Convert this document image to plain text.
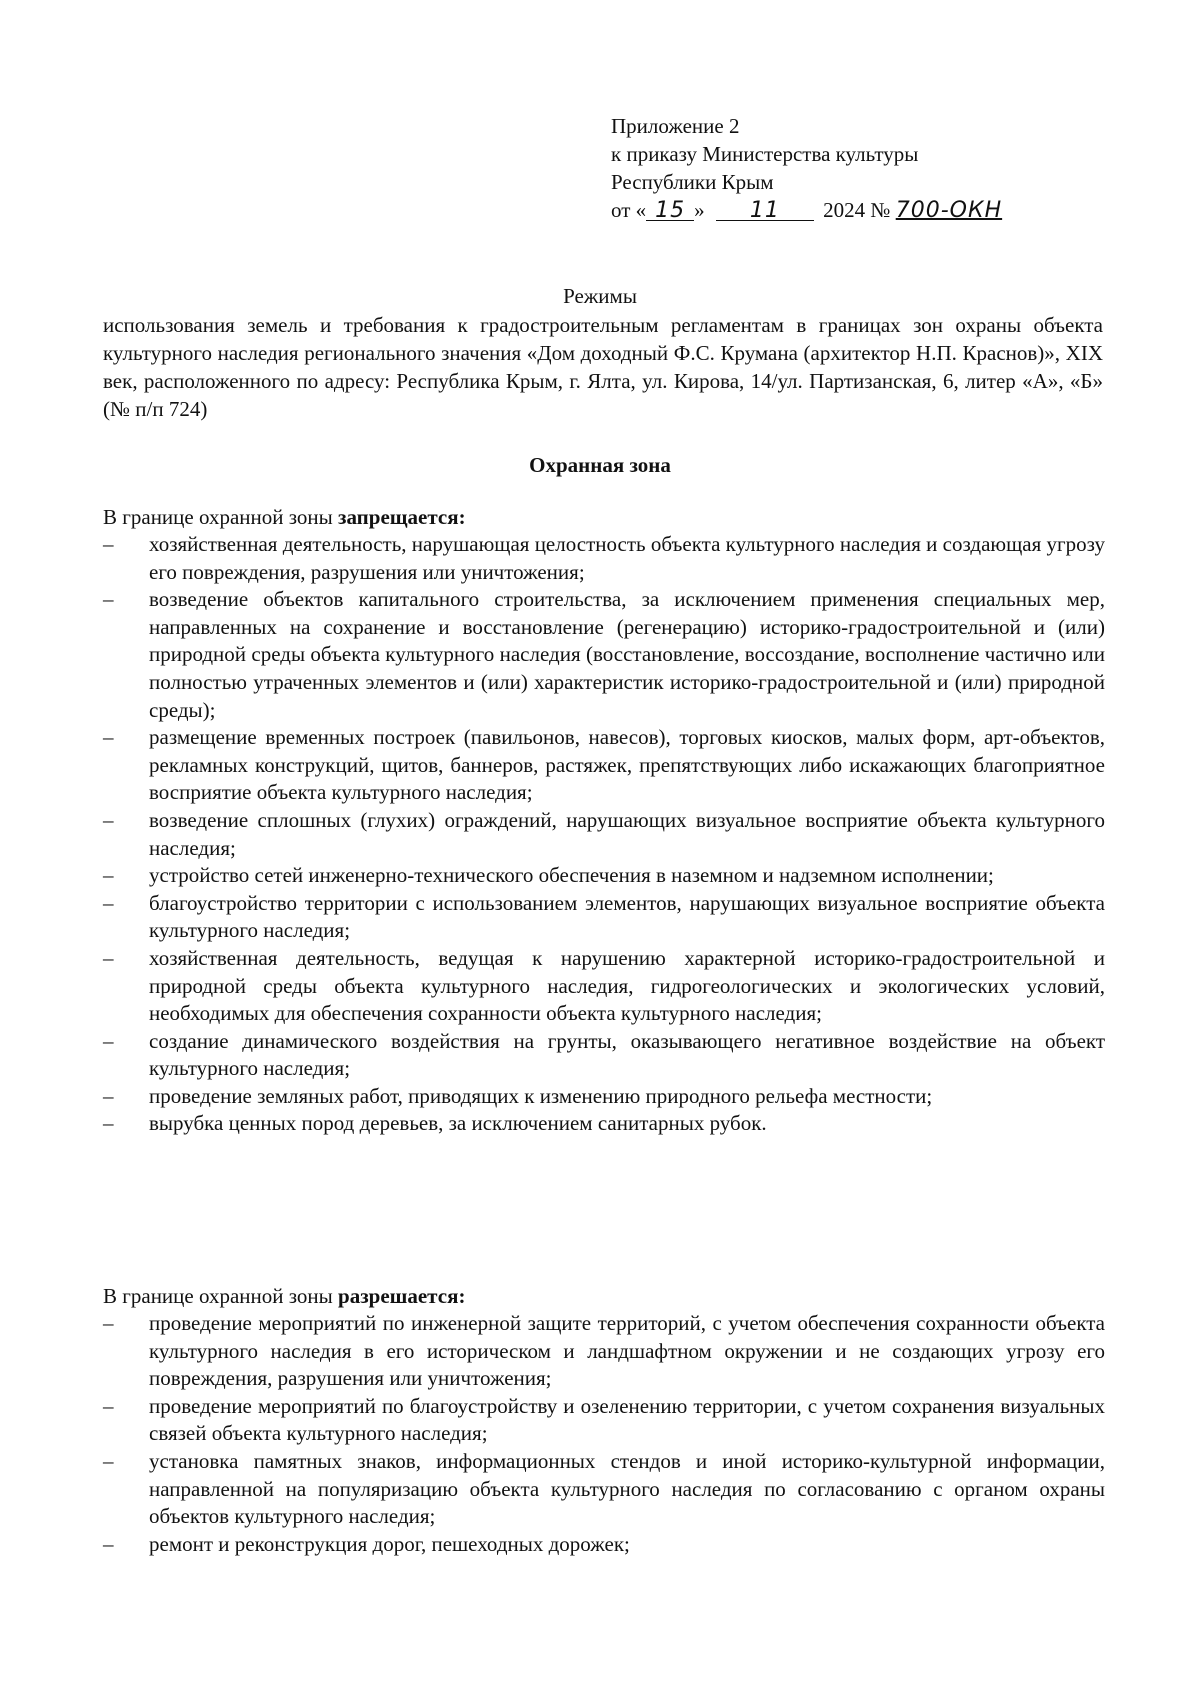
Приложение 2
к приказу Министерства культуры
Республики Крым
от « 15 » 11 2024 № 700-ОКН
Режимы
использования земель и требования к градостроительным регламентам в границах зон охраны объекта культурного наследия регионального значения «Дом доходный Ф.С. Крумана (архитектор Н.П. Краснов)», XIX век, расположенного по адресу: Республика Крым, г. Ялта, ул. Кирова, 14/ул. Партизанская, 6, литер «А», «Б» (№ п/п 724)
Охранная зона
В границе охранной зоны запрещается:
– хозяйственная деятельность, нарушающая целостность объекта культурного наследия и создающая угрозу его повреждения, разрушения или уничтожения;
– возведение объектов капитального строительства, за исключением применения специальных мер, направленных на сохранение и восстановление (регенерацию) историко-градостроительной и (или) природной среды объекта культурного наследия (восстановление, воссоздание, восполнение частично или полностью утраченных элементов и (или) характеристик историко-градостроительной и (или) природной среды);
– размещение временных построек (павильонов, навесов), торговых киосков, малых форм, арт-объектов, рекламных конструкций, щитов, баннеров, растяжек, препятствующих либо искажающих благоприятное восприятие объекта культурного наследия;
– возведение сплошных (глухих) ограждений, нарушающих визуальное восприятие объекта культурного наследия;
– устройство сетей инженерно-технического обеспечения в наземном и надземном исполнении;
– благоустройство территории с использованием элементов, нарушающих визуальное восприятие объекта культурного наследия;
– хозяйственная деятельность, ведущая к нарушению характерной историко-градостроительной и природной среды объекта культурного наследия, гидрогеологических и экологических условий, необходимых для обеспечения сохранности объекта культурного наследия;
– создание динамического воздействия на грунты, оказывающего негативное воздействие на объект культурного наследия;
– проведение земляных работ, приводящих к изменению природного рельефа местности;
– вырубка ценных пород деревьев, за исключением санитарных рубок.
В границе охранной зоны разрешается:
– проведение мероприятий по инженерной защите территорий, с учетом обеспечения сохранности объекта культурного наследия в его историческом и ландшафтном окружении и не создающих угрозу его повреждения, разрушения или уничтожения;
– проведение мероприятий по благоустройству и озеленению территории, с учетом сохранения визуальных связей объекта культурного наследия;
– установка памятных знаков, информационных стендов и иной историко-культурной информации, направленной на популяризацию объекта культурного наследия по согласованию с органом охраны объектов культурного наследия;
– ремонт и реконструкция дорог, пешеходных дорожек;
